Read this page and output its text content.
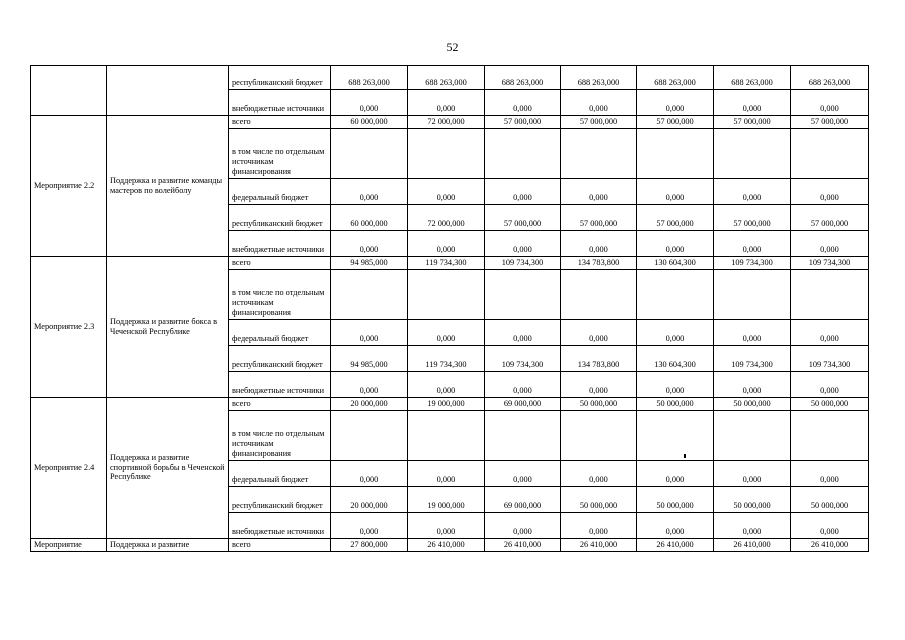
52
		республиканский бюджет	688 263,000	688 263,000	688 263,000	688 263,000	688 263,000	688 263,000	688 263,000
		внебюджетные источники	0,000	0,000	0,000	0,000	0,000	0,000	0,000
Мероприятие 2.2	Поддержка и развитие команды мастеров по волейболу	всего	60 000,000	72 000,000	57 000,000	57 000,000	57 000,000	57 000,000	57 000,000
		в том числе по отдельным источникам финансирования							
		федеральный бюджет	0,000	0,000	0,000	0,000	0,000	0,000	0,000
		республиканский бюджет	60 000,000	72 000,000	57 000,000	57 000,000	57 000,000	57 000,000	57 000,000
		внебюджетные источники	0,000	0,000	0,000	0,000	0,000	0,000	0,000
Мероприятие 2.3	Поддержка и развитие бокса в Чеченской Республике	всего	94 985,000	119 734,300	109 734,300	134 783,800	130 604,300	109 734,300	109 734,300
		в том числе по отдельным источникам финансирования							
		федеральный бюджет	0,000	0,000	0,000	0,000	0,000	0,000	0,000
		республиканский бюджет	94 985,000	119 734,300	109 734,300	134 783,800	130 604,300	109 734,300	109 734,300
		внебюджетные источники	0,000	0,000	0,000	0,000	0,000	0,000	0,000
Мероприятие 2.4	Поддержка и развитие спортивной борьбы в Чеченской Республике	всего	20 000,000	19 000,000	69 000,000	50 000,000	50 000,000	50 000,000	50 000,000
		в том числе по отдельным источникам финансирования							
		федеральный бюджет	0,000	0,000	0,000	0,000	0,000	0,000	0,000
		республиканский бюджет	20 000,000	19 000,000	69 000,000	50 000,000	50 000,000	50 000,000	50 000,000
		внебюджетные источники	0,000	0,000	0,000	0,000	0,000	0,000	0,000
Мероприятие	Поддержка и развитие	всего	27 800,000	26 410,000	26 410,000	26 410,000	26 410,000	26 410,000	26 410,000
